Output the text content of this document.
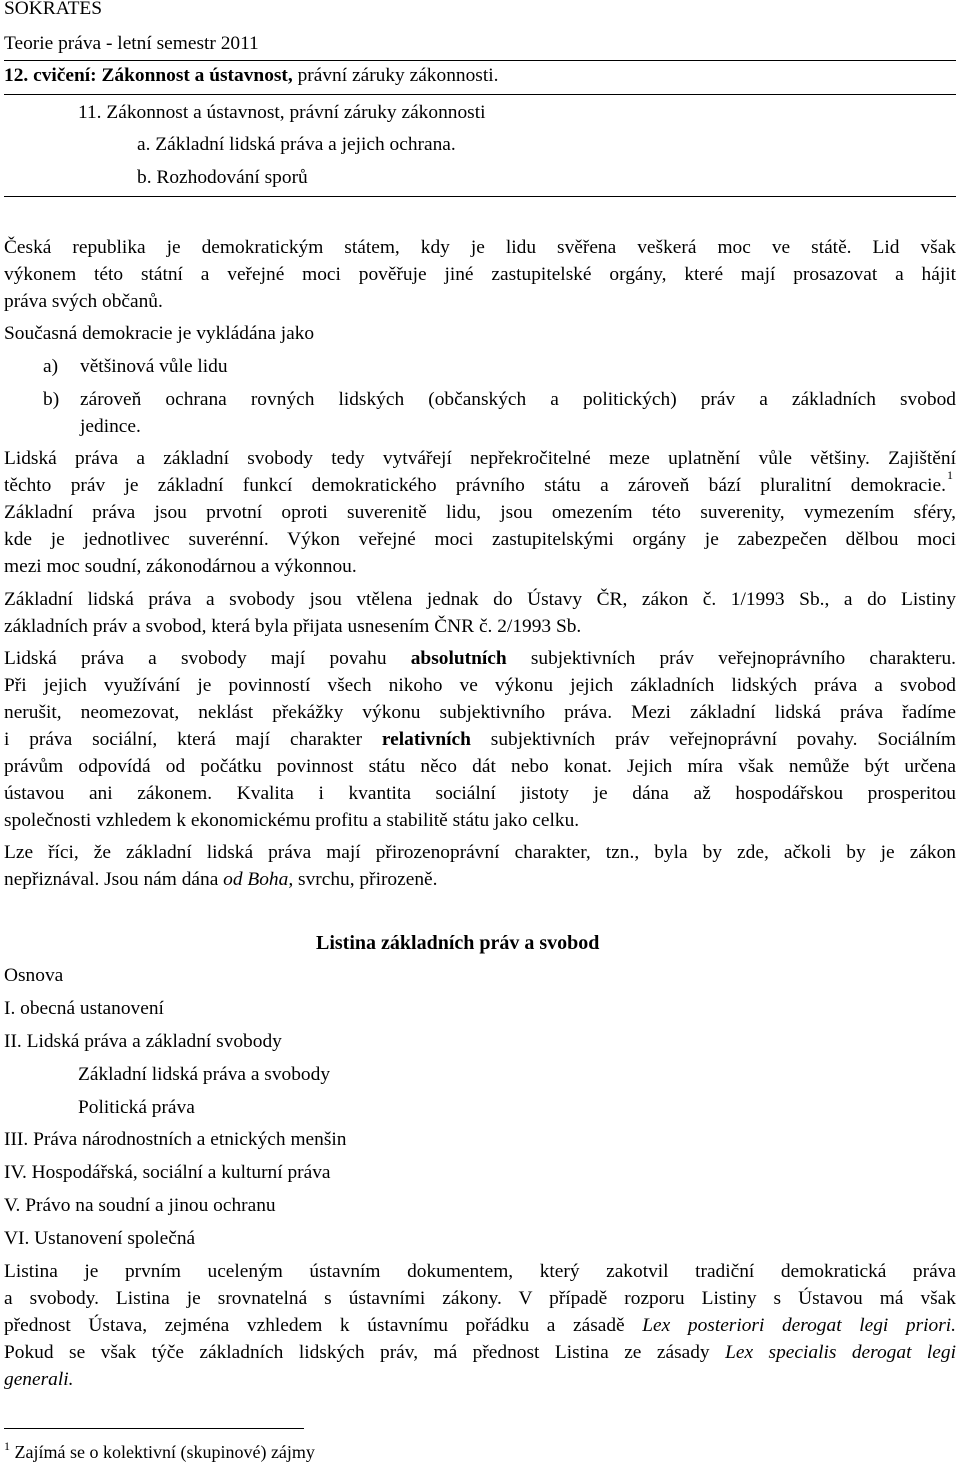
SOKRATES
Teorie práva - letní semestr 2011
12. cvičení: Zákonnost a ústavnost, právní záruky zákonnosti.
11. Zákonnost a ústavnost, právní záruky zákonnosti
a. Základní lidská práva a jejich ochrana.
b. Rozhodování sporů
Česká republika je demokratickým státem, kdy je lidu svěřena veškerá moc ve státě. Lid však
výkonem této státní a veřejné moci pověřuje jiné zastupitelské orgány, které mají prosazovat a hájit
práva svých občanů.
Současná demokracie je vykládána jako
a) většinová vůle lidu
b) zároveň ochrana rovných lidských (občanských a politických) práv a základních svobod
jedince.
Lidská práva a základní svobody tedy vytvářejí nepřekročitelné meze uplatnění vůle většiny. Zajištění
těchto práv je základní funkcí demokratického právního státu a zároveň bází pluralitní demokracie.
$^1$
Základní práva jsou prvotní oproti suverenitě lidu, jsou omezením této suverenity, vymezením sféry,
kde je jednotlivec suverénní. Výkon veřejné moci zastupitelskými orgány je zabezpečen dělbou moci
mezi moc soudní, zákonodárnou a výkonnou.
Základní lidská práva a svobody jsou vtělena jednak do Ústavy ČR, zákon č. 1/1993 Sb., a do Listiny
základních práv a svobod, která byla přijata usnesením ČNR č. 2/1993 Sb.
Lidská práva a svobody mají povahu absolutních subjektivních práv veřejnoprávního charakteru.
Při jejich využívání je povinností všech nikoho ve výkonu jejich základních lidských práva a svobod
nerušit, neomezovat, neklást překážky výkonu subjektivního práva. Mezi základní lidská práva řadíme
i práva sociální, která mají charakter relativních subjektivních práv veřejnoprávní povahy. Sociálním
právům odpovídá od počátku povinnost státu něco dát nebo konat. Jejich míra však nemůže být určena
ústavou ani zákonem. Kvalita i kvantita sociální jistoty je dána až hospodářskou prosperitou
společnosti vzhledem k ekonomickému profitu a stabilitě státu jako celku.
Lze říci, že základní lidská práva mají přirozenoprávní charakter, tzn., byla by zde, ačkoli by je zákon
nepřiznával. Jsou nám dána od Boha, svrchu, přirozeně.
Listina základních práv a svobod
Osnova
I. obecná ustanovení
II. Lidská práva a základní svobody
Základní lidská práva a svobody
Politická práva
III. Práva národnostních a etnických menšin
IV. Hospodářská, sociální a kulturní práva
V. Právo na soudní a jinou ochranu
VI. Ustanovení společná
Listina je prvním uceleným ústavním dokumentem, který zakotvil tradiční demokratická práva
a svobody. Listina je srovnatelná s ústavními zákony. V případě rozporu Listiny s Ústavou má však
přednost Ústava, zejména vzhledem k ústavnímu pořádku a zásadě Lex posteriori derogat legi priori.
Pokud se však týče základních lidských práv, má přednost Listina ze zásady Lex specialis derogat legi
generali.
$^1$ Zajímá se o kolektivní (skupinové) zájmy
